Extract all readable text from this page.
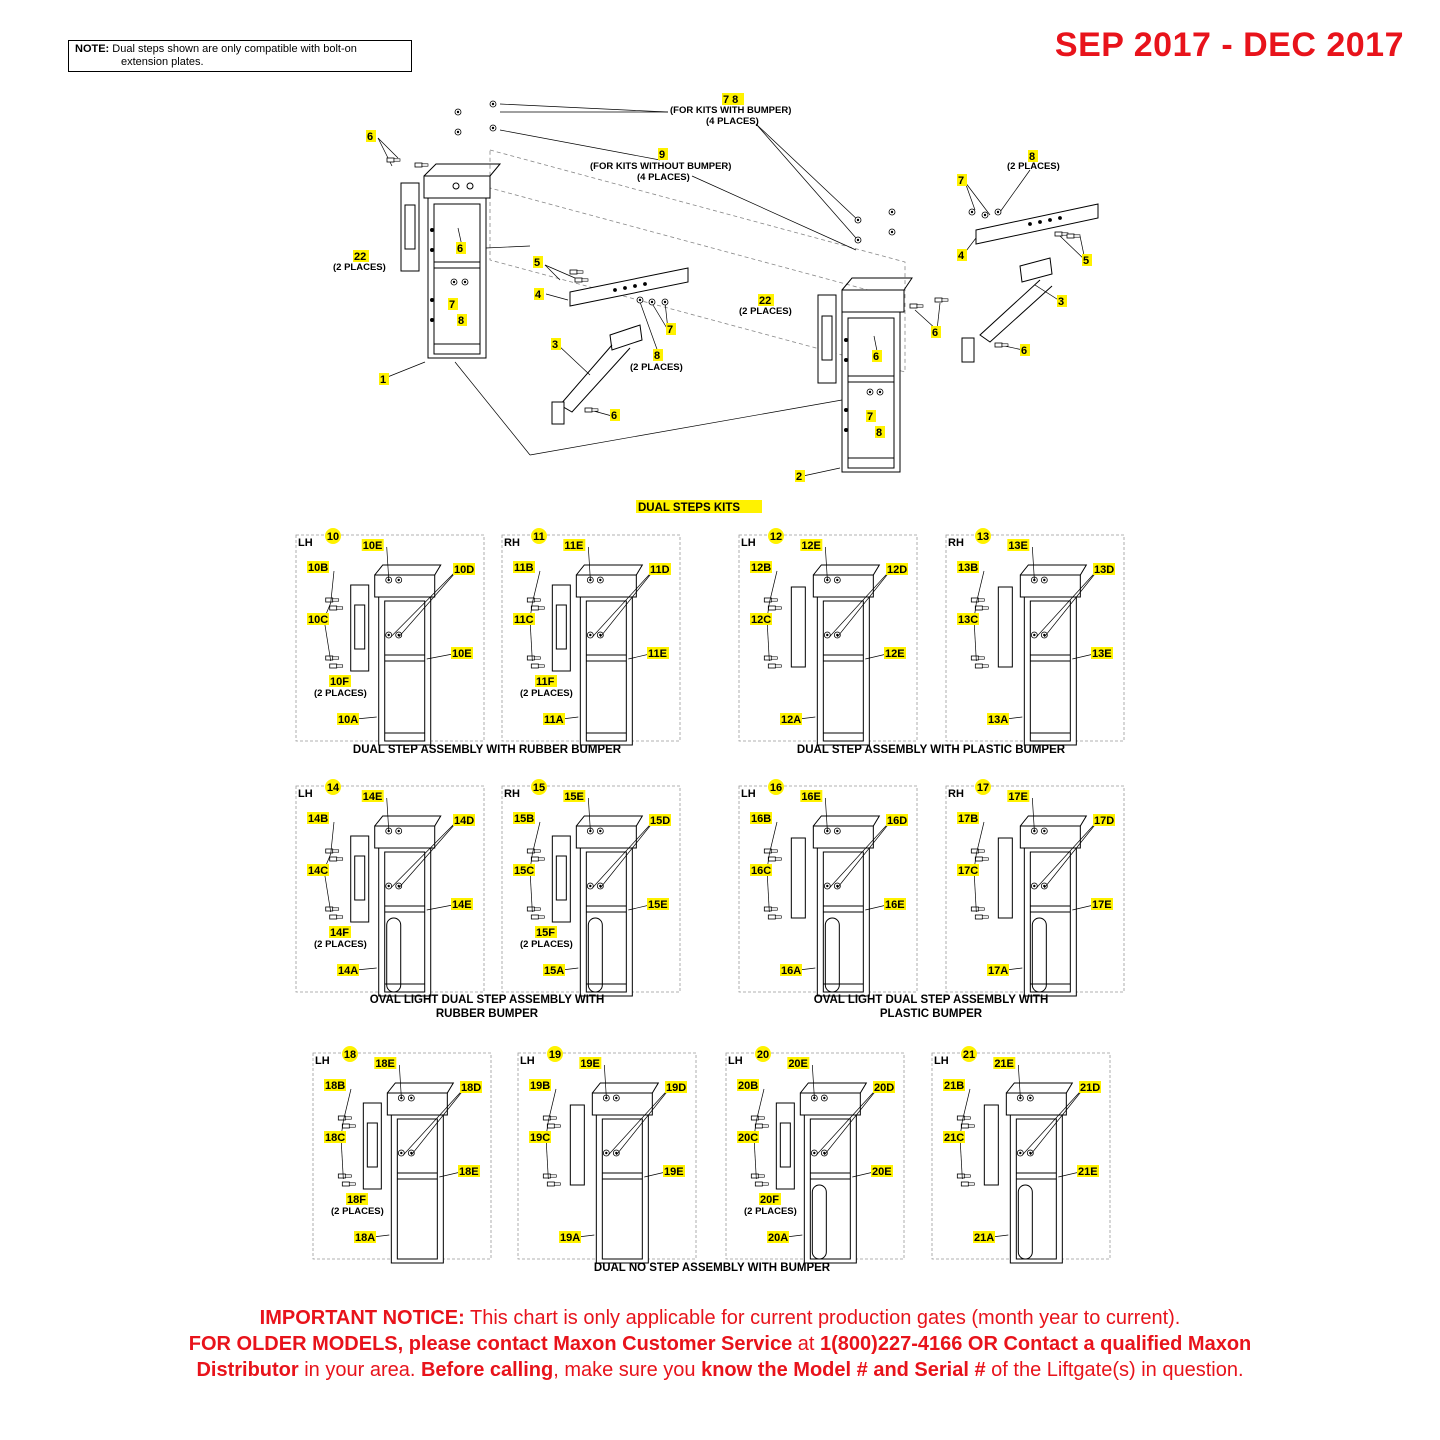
NOTE: Dual steps shown are only compatible with bolt-on
extension plates.	SEP 2017 - DEC 2017
6
7 8
(FOR KITS WITH BUMPER)
(4 PLACES)
9
(FOR KITS WITHOUT BUMPER)
(4 PLACES)
8
(2 PLACES)
7
6
22
(2 PLACES)
4	5
5
4
7	3
22
(2 PLACES)
8
7	6
3
8
(2 PLACES)
6
6
1
7
6
8
2
DUAL STEPS KITS
LH 10
10E
10B	10D
10C
10E
10F
(2 PLACES)
10A
RH 11
11E
11B	11D
11C
11E
11F
(2 PLACES)
11A
LH 12
12E
12B	12D
12C
12E
12A
RH 13
13E
13B	13D
13C
13E
13A
LH 14
14E
14B	14D
14C
14E
14F
(2 PLACES)
14A
RH 15
15E
15B	15D
15C
15E
15F
(2 PLACES)
15A
LH 16
16E
16B	16D
16C
16E
16A
RH 17
17E
17B	17D
17C
17E
17A
LH 18
18E
18B	18D
18C
18E
18F
(2 PLACES)
18A
LH 19
19E
19B	19D
19C
19E
19A
LH 20
20E
20B	20D
20C
20E
20F
(2 PLACES)
20A
LH 21
21E
21B	21D
21C
21E
21A
DUAL STEP ASSEMBLY WITH RUBBER BUMPER	DUAL STEP ASSEMBLY WITH PLASTIC BUMPER
OVAL LIGHT DUAL STEP ASSEMBLY WITH
RUBBER BUMPER
OVAL LIGHT DUAL STEP ASSEMBLY WITH
PLASTIC BUMPER
DUAL NO STEP ASSEMBLY WITH BUMPER
IMPORTANT NOTICE: This chart is only applicable for current production gates (month year to current).
FOR OLDER MODELS, please contact Maxon Customer Service at 1(800)227-4166 OR Contact a qualified Maxon
Distributor in your area. Before calling, make sure you know the Model # and Serial # of the Liftgate(s) in question.
